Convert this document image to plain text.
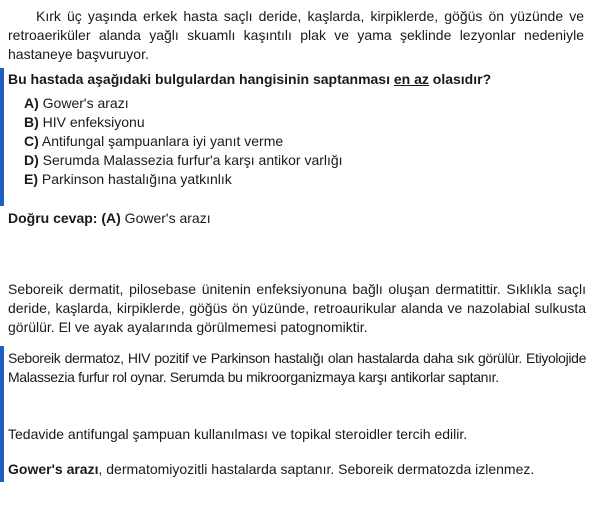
Kırk üç yaşında erkek hasta saçlı deride, kaşlarda, kirpiklerde, göğüs ön yüzünde ve retroaeriküler alanda yağlı skuamlı kaşıntılı plak ve yama şeklinde lezyonlar nedeniyle hastaneye başvuruyor.
Bu hastada aşağıdaki bulgulardan hangisinin saptanması en az olasıdır?
A) Gower's arazı
B) HIV enfeksiyonu
C) Antifungal şampuanlara iyi yanıt verme
D) Serumda Malassezia furfur'a karşı antikor varlığı
E) Parkinson hastalığına yatkınlık
Doğru cevap: (A) Gower's arazı
Seboreik dermatit, pilosebase ünitenin enfeksiyonuna bağlı oluşan dermatittir. Sıklıkla saçlı deride, kaşlarda, kirpiklerde, göğüs ön yüzünde, retroaurikular alanda ve nazolabial sulkusta görülür. El ve ayak ayalarında görülmemesi patognomiktir.
Seboreik dermatoz, HIV pozitif ve Parkinson hastalığı olan hastalarda daha sık görülür. Etiyolojide Malassezia furfur rol oynar. Serumda bu mikroorganizmaya karşı antikorlar saptanır.
Tedavide antifungal şampuan kullanılması ve topikal steroidler tercih edilir.
Gower's arazı, dermatomiyozitli hastalarda saptanır. Seboreik dermatozda izlenmez.
